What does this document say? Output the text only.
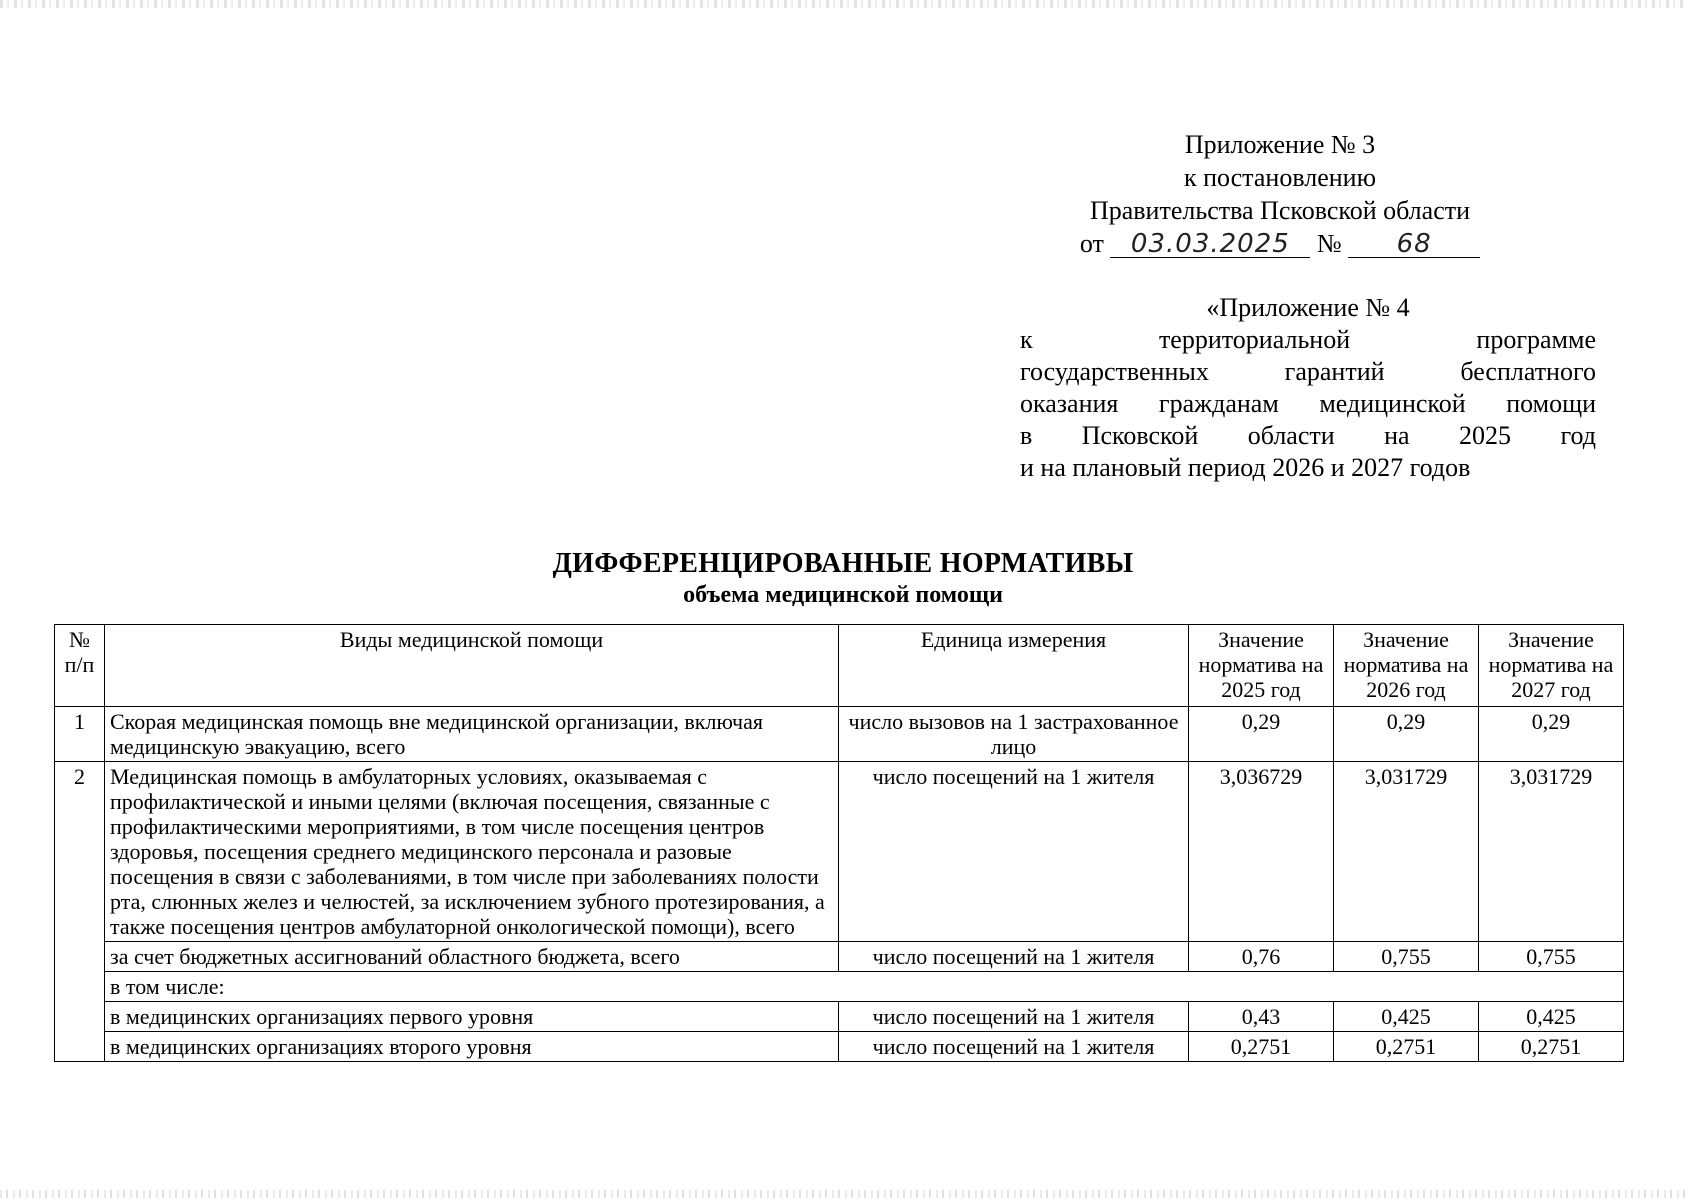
Приложение № 3
к постановлению
Правительства Псковской области
от 03.03.2025 № 68
«Приложение № 4
к территориальной программе
государственных гарантий бесплатного
оказания гражданам медицинской помощи
в Псковской области на 2025 год
и на плановый период 2026 и 2027 годов
ДИФФЕРЕНЦИРОВАННЫЕ НОРМАТИВЫ
объема медицинской помощи
№ п/п	Виды медицинской помощи	Единица измерения	Значение норматива на 2025 год	Значение норматива на 2026 год	Значение норматива на 2027 год
1	Скорая медицинская помощь вне медицинской организации, включая медицинскую эвакуацию, всего	число вызовов на 1 застрахованное лицо	0,29	0,29	0,29
2	Медицинская помощь в амбулаторных условиях, оказываемая с профилактической и иными целями (включая посещения, связанные с профилактическими мероприятиями, в том числе посещения центров здоровья, посещения среднего медицинского персонала и разовые посещения в связи с заболеваниями, в том числе при заболеваниях полости рта, слюнных желез и челюстей, за исключением зубного протезирования, а также посещения центров амбулаторной онкологической помощи), всего	число посещений на 1 жителя	3,036729	3,031729	3,031729
	за счет бюджетных ассигнований областного бюджета, всего	число посещений на 1 жителя	0,76	0,755	0,755
	в том числе:				
	в медицинских организациях первого уровня	число посещений на 1 жителя	0,43	0,425	0,425
	в медицинских организациях второго уровня	число посещений на 1 жителя	0,2751	0,2751	0,2751
